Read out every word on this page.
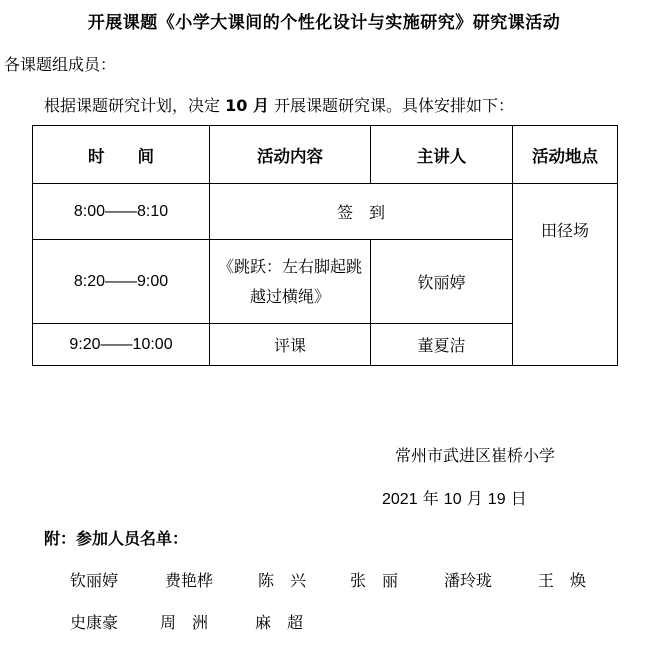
开展课题《小学大课间的个性化设计与实施研究》研究课活动
各课题组成员：
根据课题研究计划，决定 10 月 开展课题研究课。具体安排如下：
时　　间	活动内容	主讲人	活动地点
8:00——8:10	签　到		田径场
8:20——9:00	《跳跃：左右脚起跳越过横绳》	钦丽婷	
9:20——10:00	评课	董夏洁	
常州市武进区崔桥小学
2021 年 10 月 19 日
附：参加人员名单：
钦丽婷	费艳桦	陈　兴	张　丽	潘玲珑	王　焕
史康豪	周　洲	麻　超
